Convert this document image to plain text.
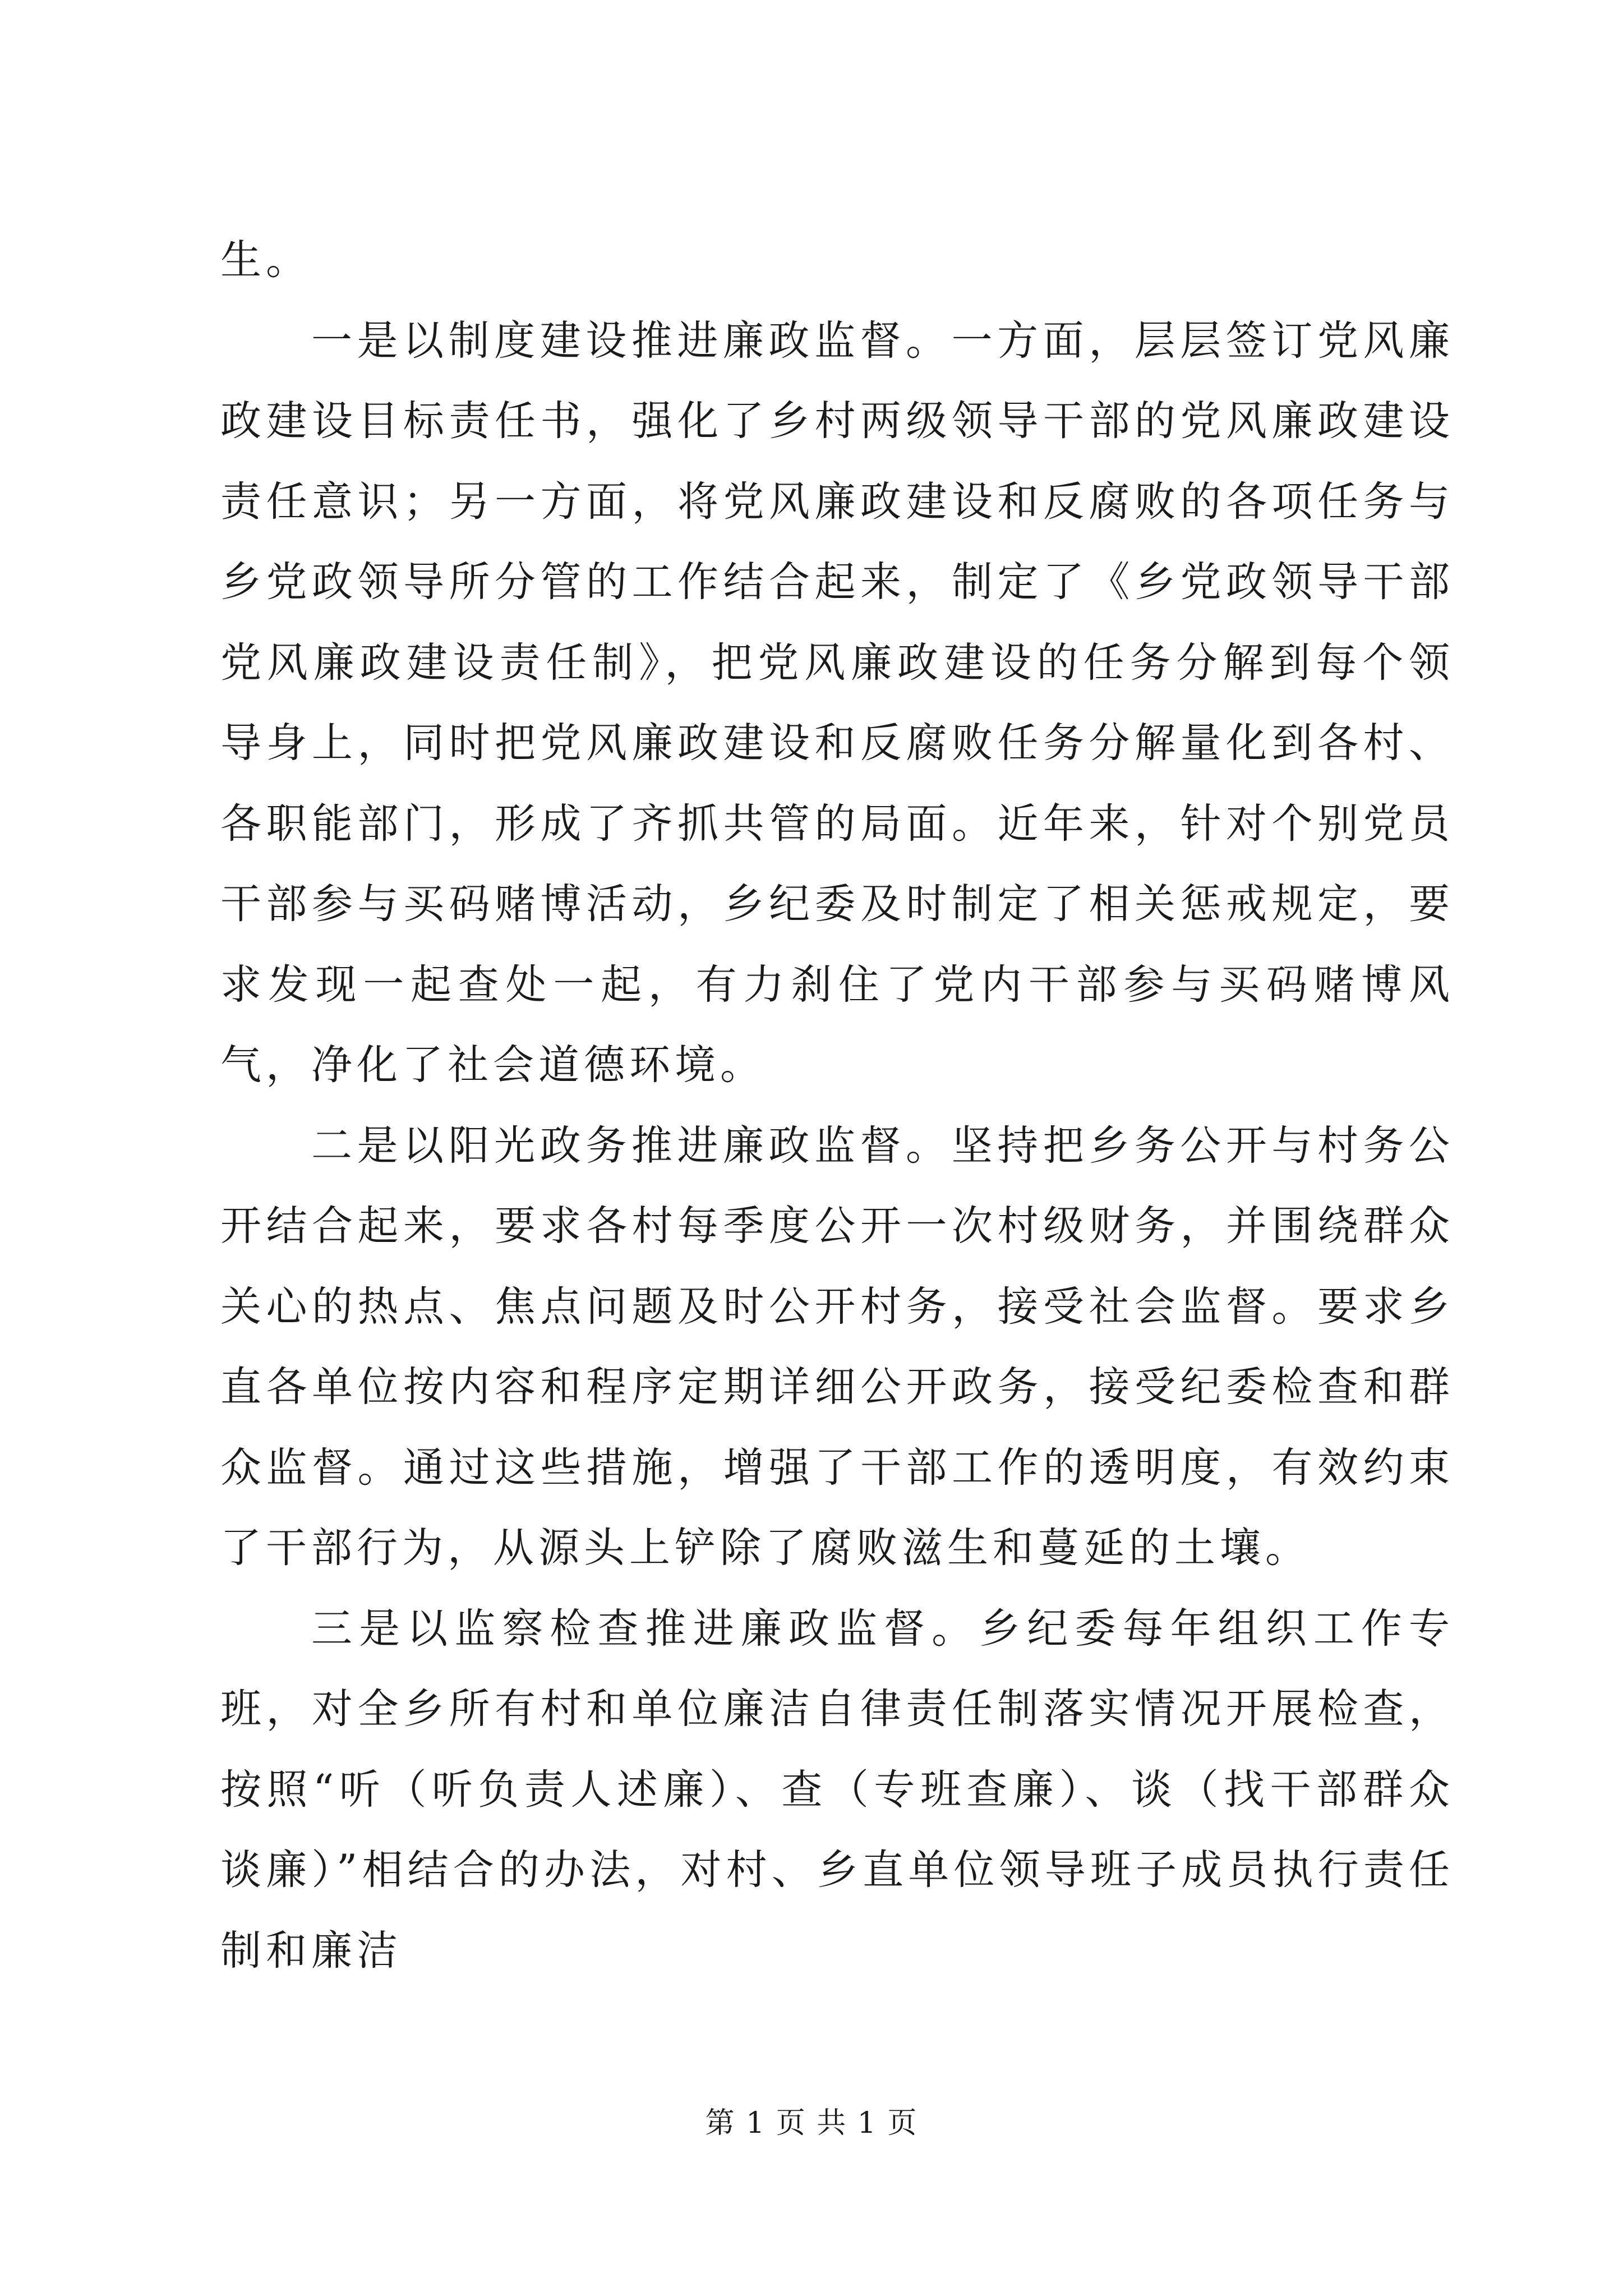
生。

一是以制度建设推进廉政监督。一方面，层层签订党风廉政建设目标责任书，强化了乡村两级领导干部的党风廉政建设责任意识；另一方面，将党风廉政建设和反腐败的各项任务与乡党政领导所分管的工作结合起来，制定了《乡党政领导干部党风廉政建设责任制》，把党风廉政建设的任务分解到每个领导身上，同时把党风廉政建设和反腐败任务分解量化到各村、各职能部门，形成了齐抓共管的局面。近年来，针对个别党员干部参与买码赌博活动，乡纪委及时制定了相关惩戒规定，要求发现一起查处一起，有力刹住了党内干部参与买码赌博风气，净化了社会道德环境。

二是以阳光政务推进廉政监督。坚持把乡务公开与村务公开结合起来，要求各村每季度公开一次村级财务，并围绕群众关心的热点、焦点问题及时公开村务，接受社会监督。要求乡直各单位按内容和程序定期详细公开政务，接受纪委检查和群众监督。通过这些措施，增强了干部工作的透明度，有效约束了干部行为，从源头上铲除了腐败滋生和蔓延的土壤。

三是以监察检查推进廉政监督。乡纪委每年组织工作专班，对全乡所有村和单位廉洁自律责任制落实情况开展检查，按照“听（听负责人述廉）、查（专班查廉）、谈（找干部群众谈廉）”相结合的办法，对村、乡直单位领导班子成员执行责任制和廉洁

第 1 页 共 1 页
